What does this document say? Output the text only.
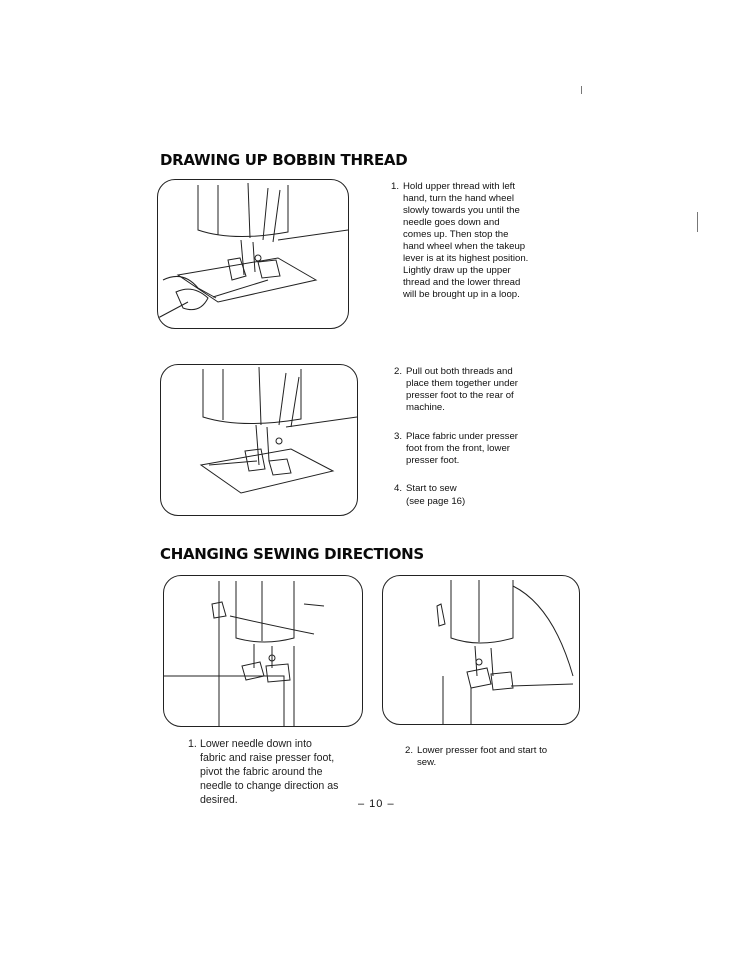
DRAWING UP BOBBIN THREAD
1. Hold upper thread with left hand, turn the hand wheel slowly towards you until the needle goes down and comes up. Then stop the hand wheel when the takeup lever is at its highest position. Lightly draw up the upper thread and the lower thread will be brought up in a loop.
2. Pull out both threads and place them together under presser foot to the rear of machine.
3. Place fabric under presser foot from the front, lower presser foot.
4. Start to sew
(see page 16)
CHANGING SEWING DIRECTIONS
1. Lower needle down into fabric and raise presser foot, pivot the fabric around the needle to change direction as desired.
2. Lower presser foot and start to sew.
– 10 –
